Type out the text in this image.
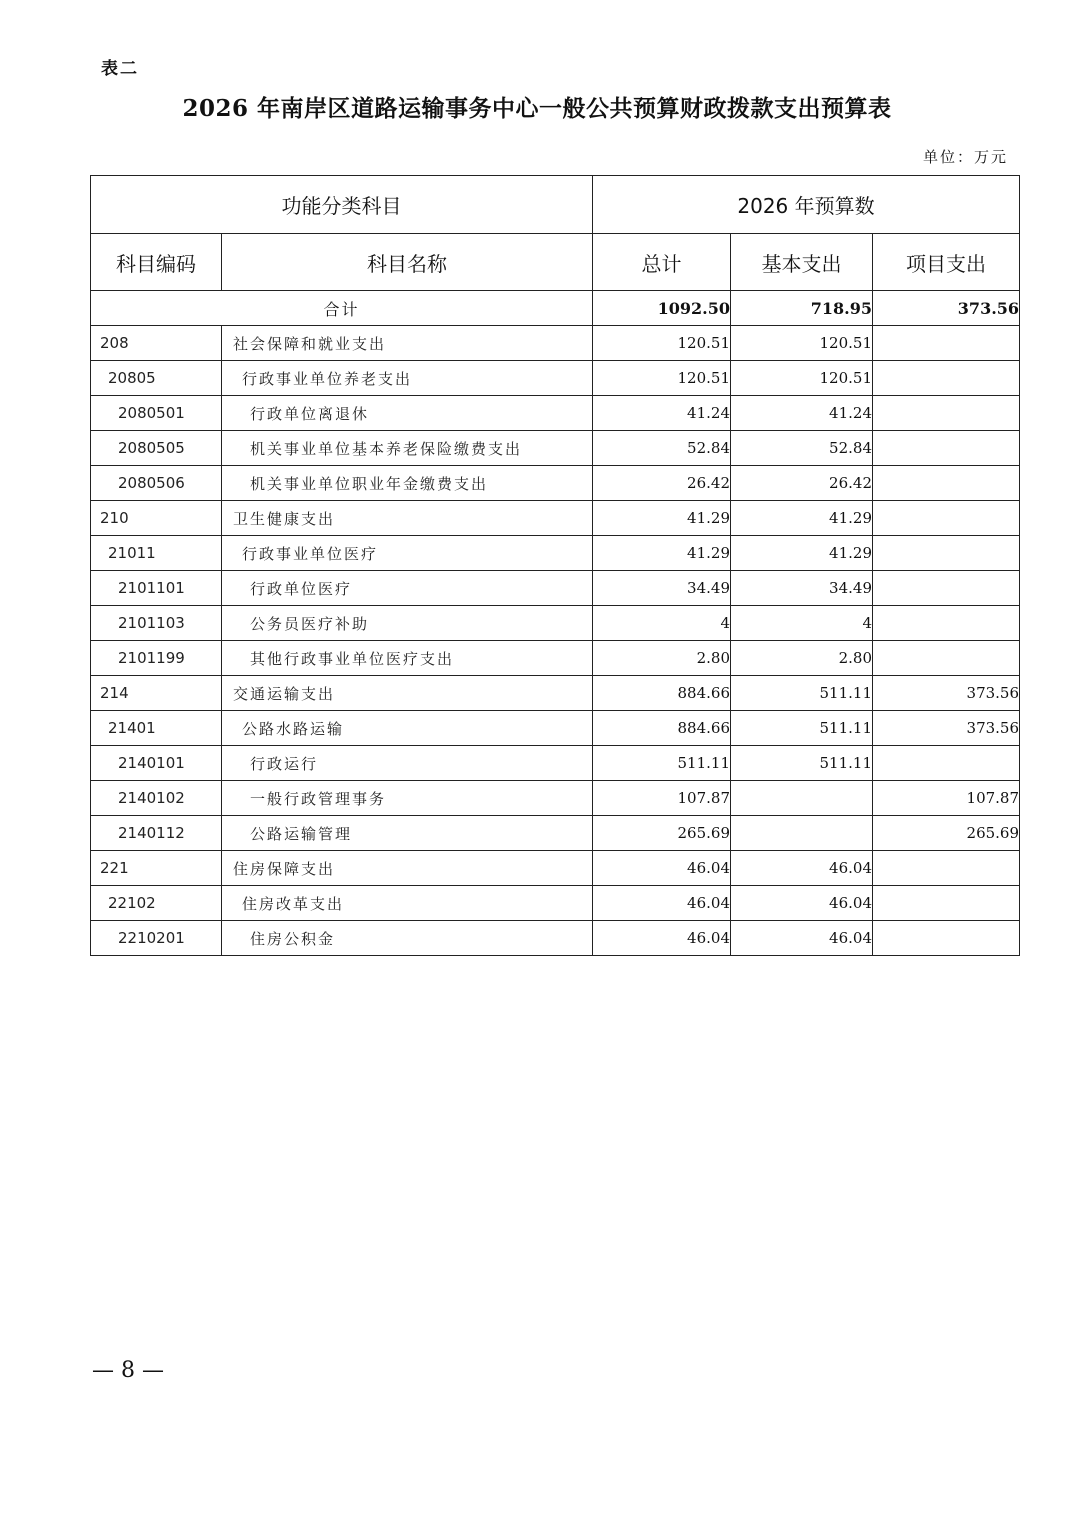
表二
2026 年南岸区道路运输事务中心一般公共预算财政拨款支出预算表
单位：万元
功能分类科目		2026 年预算数		
科目编码	科目名称	总计	基本支出	项目支出
合计		1092.50	718.95	373.56
208	社会保障和就业支出	120.51	120.51	
20805	行政事业单位养老支出	120.51	120.51	
2080501	行政单位离退休	41.24	41.24	
2080505	机关事业单位基本养老保险缴费支出	52.84	52.84	
2080506	机关事业单位职业年金缴费支出	26.42	26.42	
210	卫生健康支出	41.29	41.29	
21011	行政事业单位医疗	41.29	41.29	
2101101	行政单位医疗	34.49	34.49	
2101103	公务员医疗补助	4	4	
2101199	其他行政事业单位医疗支出	2.80	2.80	
214	交通运输支出	884.66	511.11	373.56
21401	公路水路运输	884.66	511.11	373.56
2140101	行政运行	511.11	511.11	
2140102	一般行政管理事务	107.87		107.87
2140112	公路运输管理	265.69		265.69
221	住房保障支出	46.04	46.04	
22102	住房改革支出	46.04	46.04	
2210201	住房公积金	46.04	46.04	
— 8 —
